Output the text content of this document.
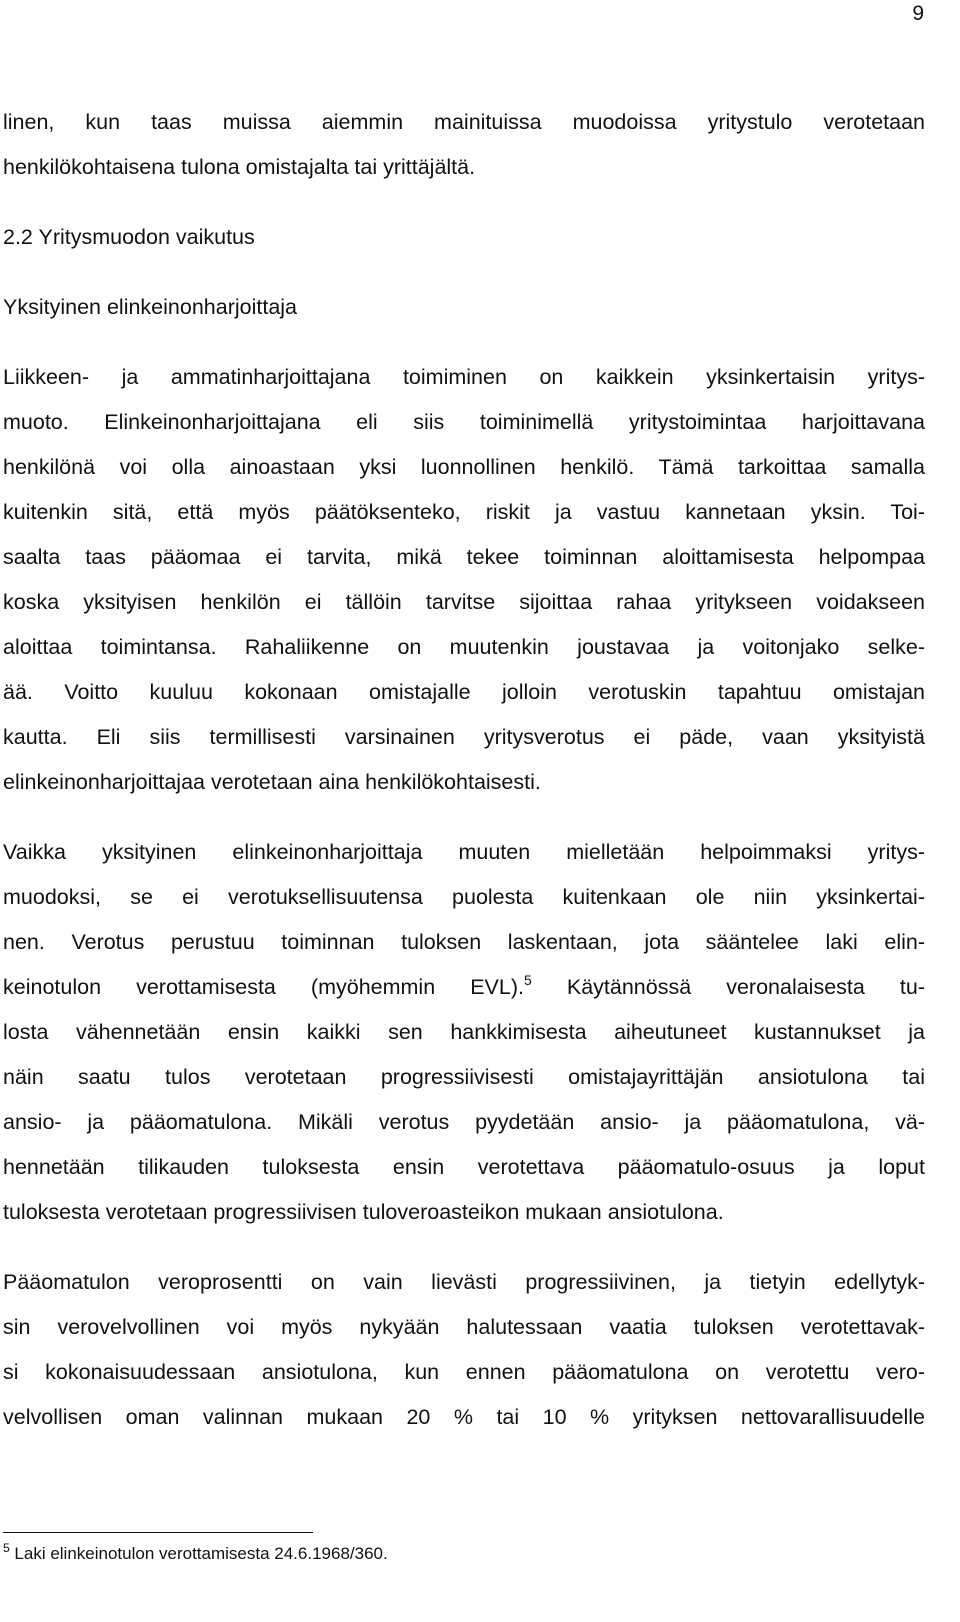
9
linen, kun taas muissa aiemmin mainituissa muodoissa yritystulo verotetaan
henkilökohtaisena tulona omistajalta tai yrittäjältä.
2.2 Yritysmuodon vaikutus
Yksityinen elinkeinonharjoittaja
Liikkeen- ja ammatinharjoittajana toimiminen on kaikkein yksinkertaisin yritys-
muoto. Elinkeinonharjoittajana eli siis toiminimellä yritystoimintaa harjoittavana
henkilönä voi olla ainoastaan yksi luonnollinen henkilö. Tämä tarkoittaa samalla
kuitenkin sitä, että myös päätöksenteko, riskit ja vastuu kannetaan yksin. Toi-
saalta taas pääomaa ei tarvita, mikä tekee toiminnan aloittamisesta helpompaa
koska yksityisen henkilön ei tällöin tarvitse sijoittaa rahaa yritykseen voidakseen
aloittaa toimintansa. Rahaliikenne on muutenkin joustavaa ja voitonjako selke-
ää. Voitto kuuluu kokonaan omistajalle jolloin verotuskin tapahtuu omistajan
kautta. Eli siis termillisesti varsinainen yritysverotus ei päde, vaan yksityistä
elinkeinonharjoittajaa verotetaan aina henkilökohtaisesti.
Vaikka yksityinen elinkeinonharjoittaja muuten mielletään helpoimmaksi yritys-
muodoksi, se ei verotuksellisuutensa puolesta kuitenkaan ole niin yksinkertai-
nen. Verotus perustuu toiminnan tuloksen laskentaan, jota sääntelee laki elin-
keinotulon verottamisesta (myöhemmin EVL).$^5$ Käytännössä veronalaisesta tu-
losta vähennetään ensin kaikki sen hankkimisesta aiheutuneet kustannukset ja
näin saatu tulos verotetaan progressiivisesti omistajayrittäjän ansiotulona tai
ansio- ja pääomatulona. Mikäli verotus pyydetään ansio- ja pääomatulona, vä-
hennetään tilikauden tuloksesta ensin verotettava pääomatulo-osuus ja loput
tuloksesta verotetaan progressiivisen tuloveroasteikon mukaan ansiotulona.
Pääomatulon veroprosentti on vain lievästi progressiivinen, ja tietyin edellytyk-
sin verovelvollinen voi myös nykyään halutessaan vaatia tuloksen verotettavak-
si kokonaisuudessaan ansiotulona, kun ennen pääomatulona on verotettu vero-
velvollisen oman valinnan mukaan 20 % tai 10 % yrityksen nettovarallisuudelle
$^5$ Laki elinkeinotulon verottamisesta 24.6.1968/360.
